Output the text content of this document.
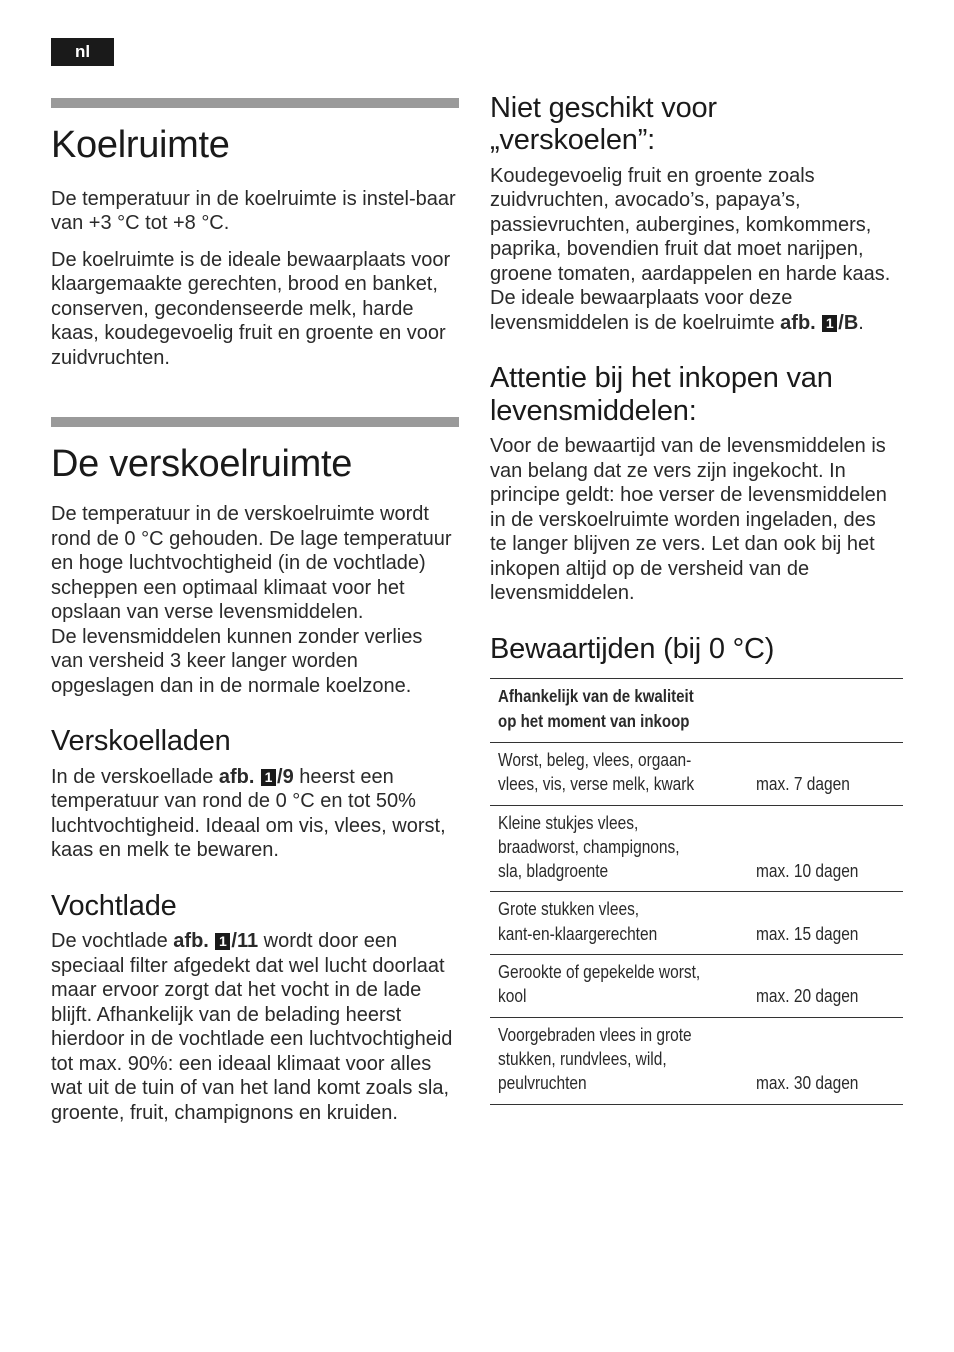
nl
Koelruimte

De temperatuur in de koelruimte is instel-baar van +3 °C tot +8 °C.

De koelruimte is de ideale bewaarplaats voor klaargemaakte gerechten, brood en banket, conserven, gecondenseerde melk, harde kaas, koudegevoelig fruit en groente en voor zuidvruchten.

De verskoelruimte

De temperatuur in de verskoelruimte wordt rond de 0 °C gehouden. De lage temperatuur en hoge luchtvochtigheid (in de vochtlade) scheppen een optimaal klimaat voor het opslaan van verse levensmiddelen.

De levensmiddelen kunnen zonder verlies van versheid 3 keer langer worden opgeslagen dan in de normale koelzone.

Verskoelladen

In de verskoellade afb. 1 /9 heerst een temperatuur van rond de 0 °C en tot 50% luchtvochtigheid. Ideaal om vis, vlees, worst, kaas en melk te bewaren.

Vochtlade

De vochtlade afb. 1 /11 wordt door een speciaal filter afgedekt dat wel lucht doorlaat maar ervoor zorgt dat het vocht in de lade blijft. Afhankelijk van de belading heerst hierdoor in de vochtlade een luchtvochtigheid tot max. 90%: een ideaal klimaat voor alles wat uit de tuin of van het land komt zoals sla, groente, fruit, champignons en kruiden.

Niet geschikt voor „verskoelen”:

Koudegevoelig fruit en groente zoals zuidvruchten, avocado’s, papaya’s, passievruchten, aubergines, komkommers, paprika, bovendien fruit dat moet narijpen, groene tomaten, aardappelen en harde kaas. De ideale bewaarplaats voor deze levensmiddelen is de koelruimte afb. 1 /B.

Attentie bij het inkopen van levensmiddelen:

Voor de bewaartijd van de levensmiddelen is van belang dat ze vers zijn ingekocht. In principe geldt: hoe verser de levensmiddelen in de verskoelruimte worden ingeladen, des te langer blijven ze vers. Let dan ook bij het inkopen altijd op de versheid van de levensmiddelen.

Bewaartijden (bij 0 °C)
Afhankelijk van de kwaliteit
op het moment van inkoop	
Worst, beleg, vlees, orgaan-
vlees, vis, verse melk, kwark	max. 7 dagen
Kleine stukjes vlees,
braadworst, champignons,
sla, bladgroente	max. 10 dagen
Grote stukken vlees,
kant-en-klaargerechten	max. 15 dagen
Gerookte of gepekelde worst,
kool	max. 20 dagen
Voorgebraden vlees in grote
stukken, rundvlees, wild,
peulvruchten	max. 30 dagen
